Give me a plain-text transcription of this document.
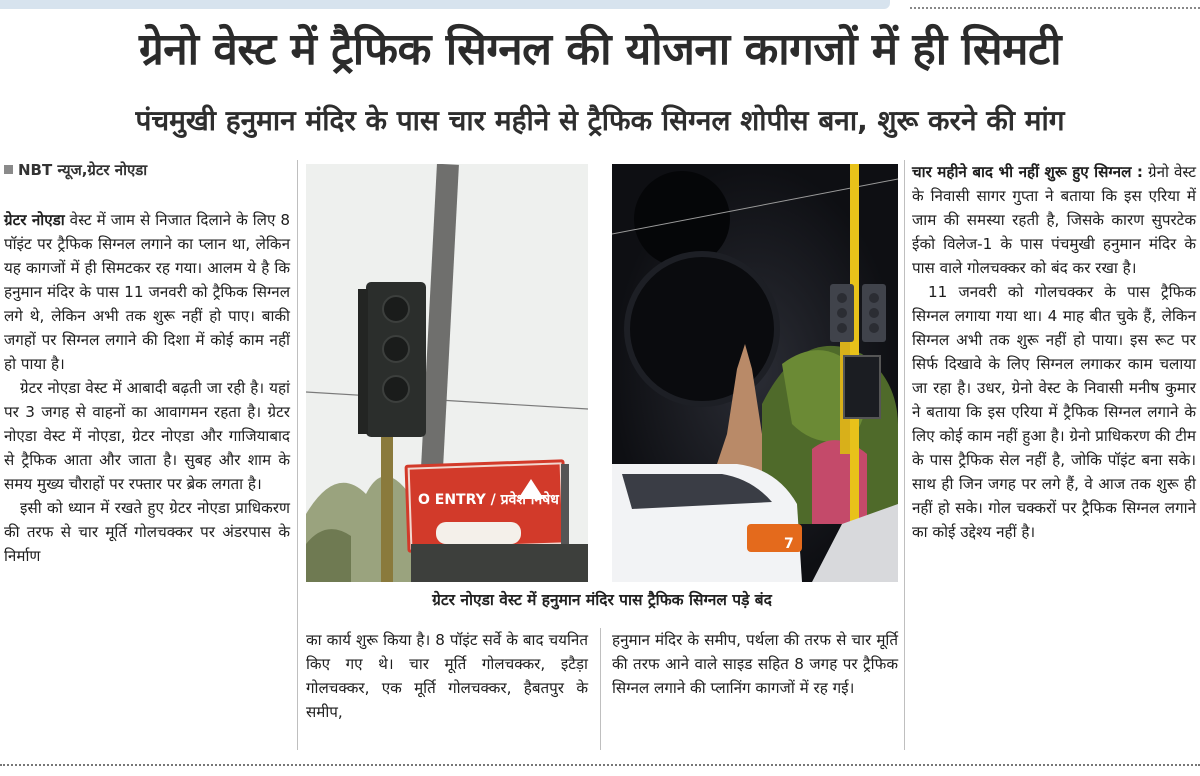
ग्रेनो वेस्ट में ट्रैफिक सिग्नल की योजना कागजों में ही सिमटी
पंचमुखी हनुमान मंदिर के पास चार महीने से ट्रैफिक सिग्नल शोपीस बना, शुरू करने की मांग
NBT न्यूज,ग्रेटर नोएडा

ग्रेटर नोएडा वेस्ट में जाम से निजात दिलाने के लिए 8 पॉइंट पर ट्रैफिक सिग्नल लगाने का प्लान था, लेकिन यह कागजों में ही सिमटकर रह गया। आलम ये है कि हनुमान मंदिर के पास 11 जनवरी को ट्रैफिक सिग्नल लगे थे, लेकिन अभी तक शुरू नहीं हो पाए। बाकी जगहों पर सिग्नल लगाने की दिशा में कोई काम नहीं हो पाया है।

ग्रेटर नोएडा वेस्ट में आबादी बढ़ती जा रही है। यहां पर 3 जगह से वाहनों का आवागमन रहता है। ग्रेटर नोएडा वेस्ट में नोएडा, ग्रेटर नोएडा और गाजियाबाद से ट्रैफिक आता और जाता है। सुबह और शाम के समय मुख्य चौराहों पर रफ्तार पर ब्रेक लगता है।

इसी को ध्यान में रखते हुए ग्रेटर नोएडा प्राधिकरण की तरफ से चार मूर्ति गोलचक्कर पर अंडरपास के निर्माण

O ENTRY / प्रवेश निषेध
7
ग्रेटर नोएडा वेस्ट में हनुमान मंदिर पास ट्रैफिक सिग्नल पड़े बंद

का कार्य शुरू किया है। 8 पॉइंट सर्वे के बाद चयनित किए गए थे। चार मूर्ति गोलचक्कर, इटैड़ा गोलचक्कर, एक मूर्ति गोलचक्कर, हैबतपुर के समीप,

हनुमान मंदिर के समीप, पर्थला की तरफ से चार मूर्ति की तरफ आने वाले साइड सहित 8 जगह पर ट्रैफिक सिग्नल लगाने की प्लानिंग कागजों में रह गई।

चार महीने बाद भी नहीं शुरू हुए सिग्नल : ग्रेनो वेस्ट के निवासी सागर गुप्ता ने बताया कि इस एरिया में जाम की समस्या रहती है, जिसके कारण सुपरटेक ईको विलेज-1 के पास पंचमुखी हनुमान मंदिर के पास वाले गोलचक्कर को बंद कर रखा है।

11 जनवरी को गोलचक्कर के पास ट्रैफिक सिग्नल लगाया गया था। 4 माह बीत चुके हैं, लेकिन सिग्नल अभी तक शुरू नहीं हो पाया। इस रूट पर सिर्फ दिखावे के लिए सिग्नल लगाकर काम चलाया जा रहा है। उधर, ग्रेनो वेस्ट के निवासी मनीष कुमार ने बताया कि इस एरिया में ट्रैफिक सिग्नल लगाने के लिए कोई काम नहीं हुआ है। ग्रेनो प्राधिकरण की टीम के पास ट्रैफिक सेल नहीं है, जोकि पॉइंट बना सके। साथ ही जिन जगह पर लगे हैं, वे आज तक शुरू ही नहीं हो सके। गोल चक्करों पर ट्रैफिक सिग्नल लगाने का कोई उद्देश्य नहीं है।
